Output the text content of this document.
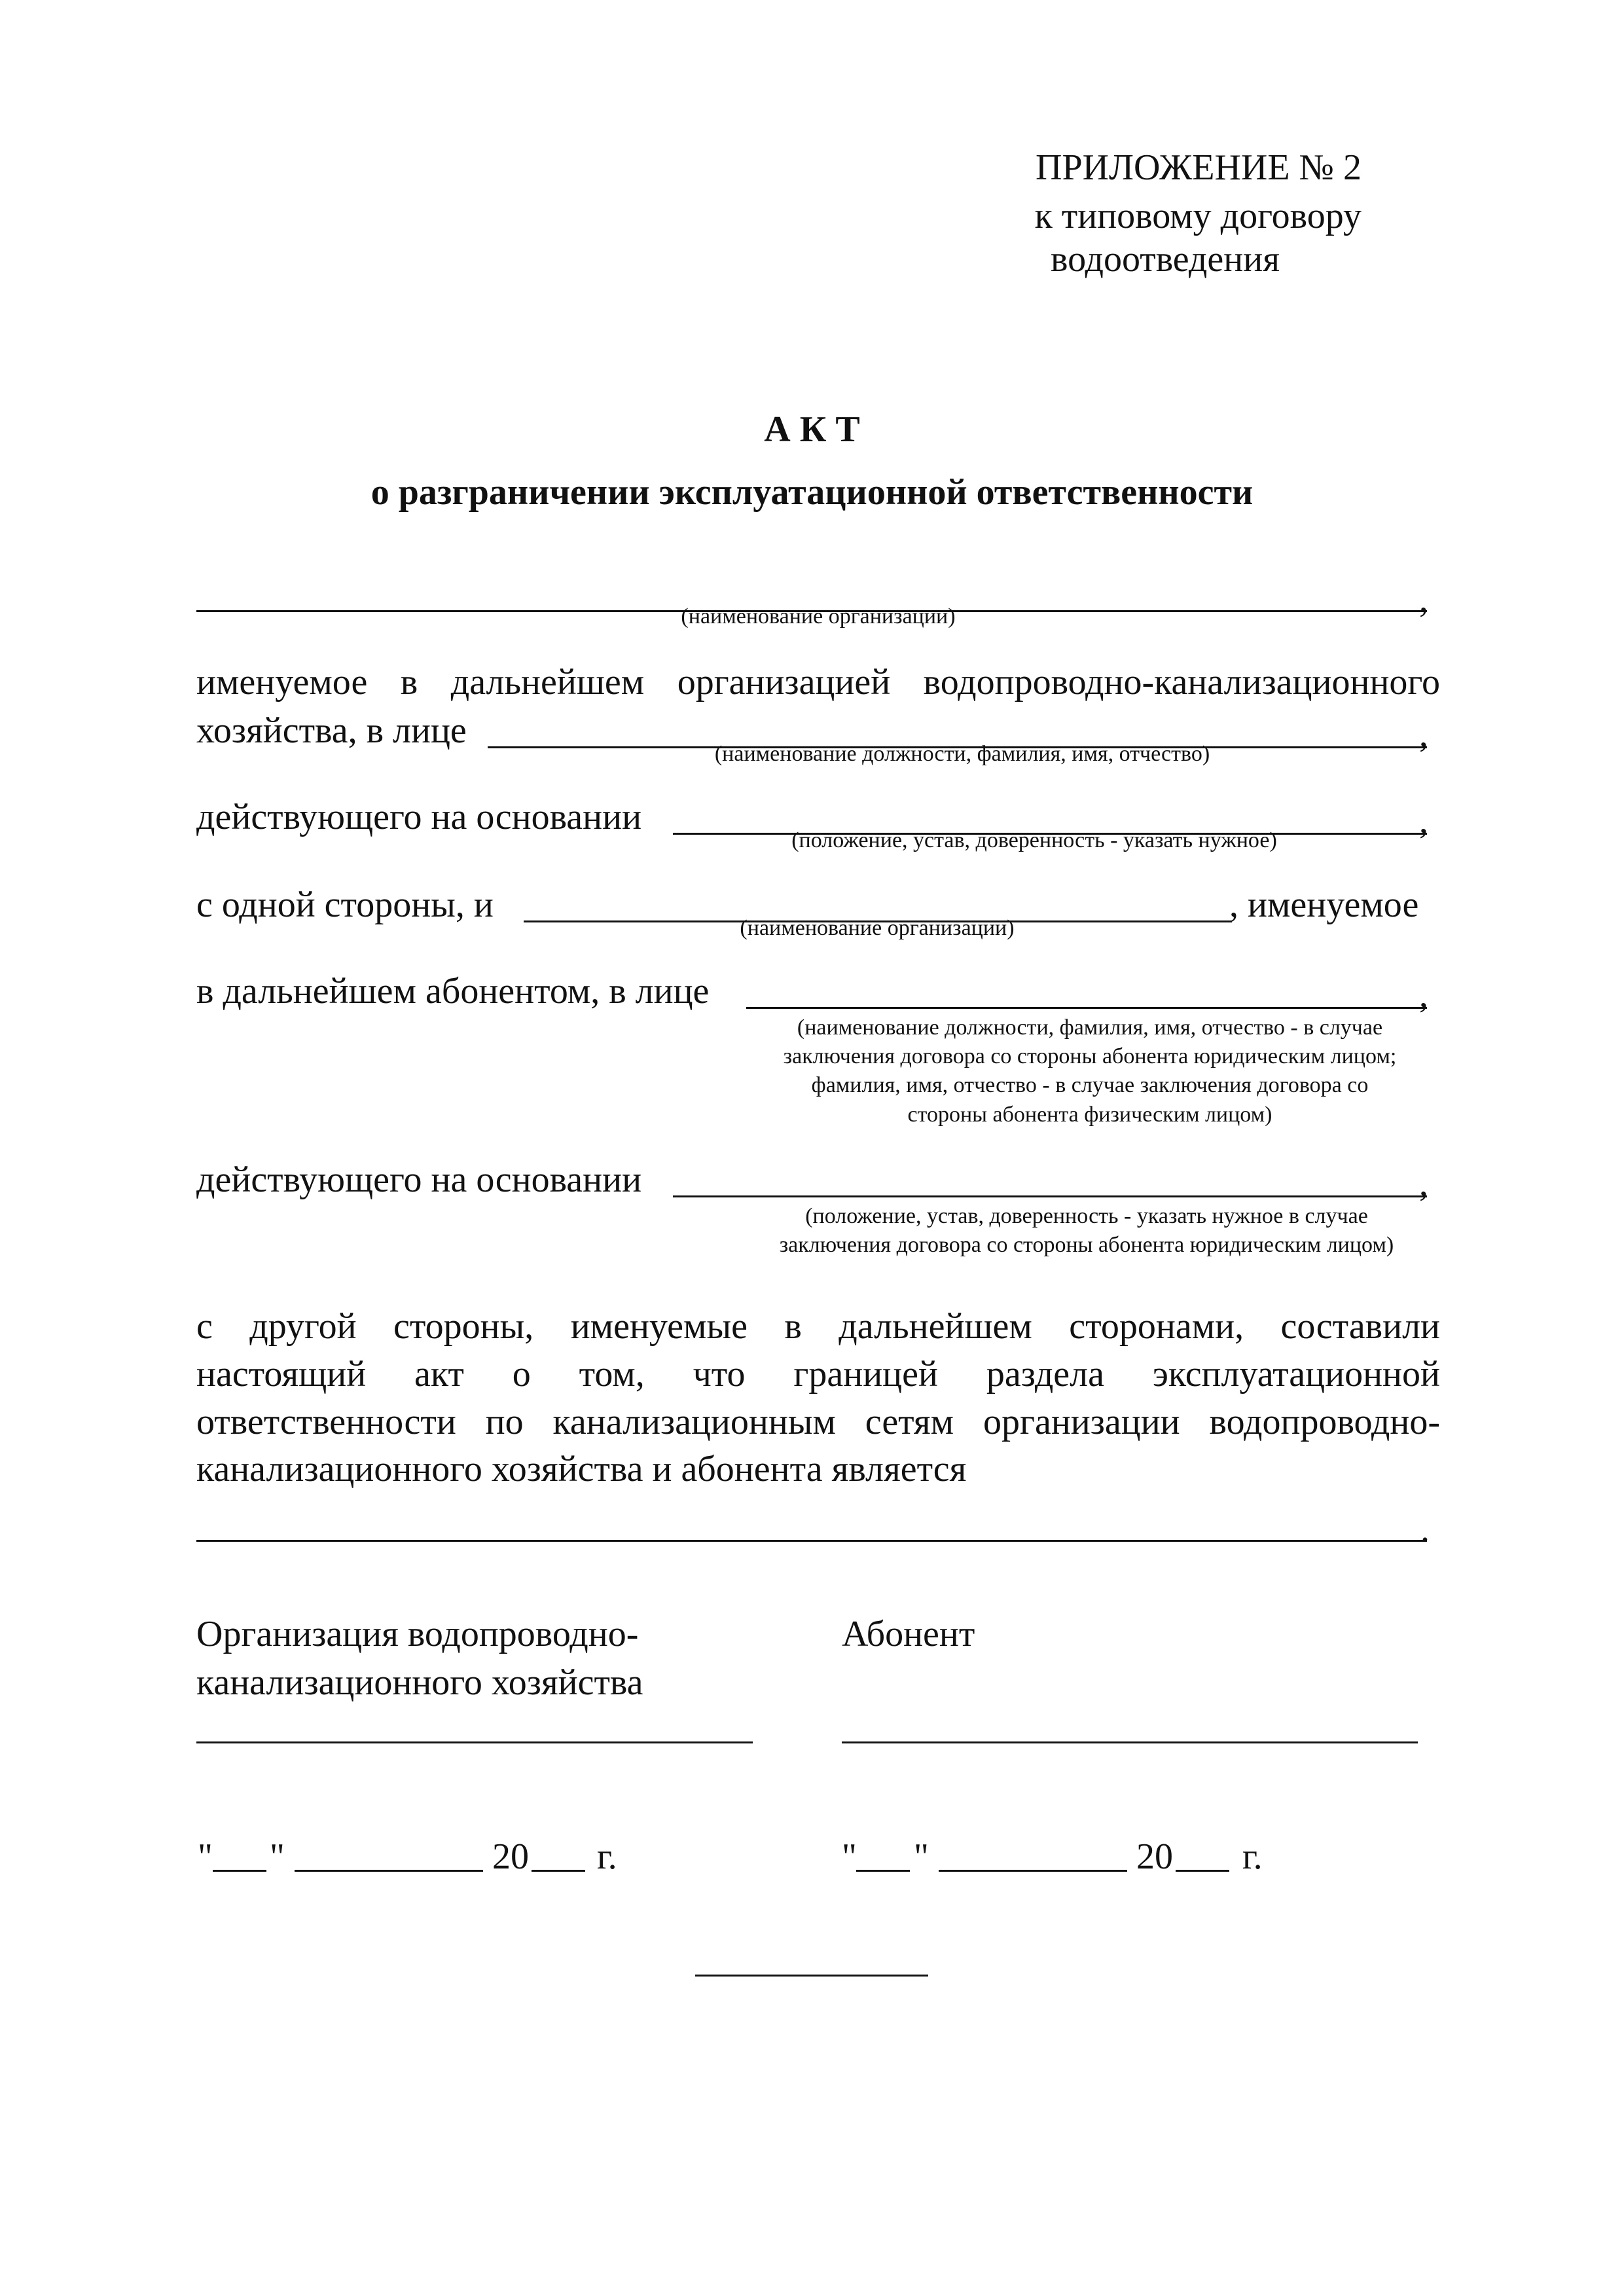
ПРИЛОЖЕНИЕ № 2
к типовому договору
водоотведения
А К Т
о разграничении эксплуатационной ответственности
,
(наименование организации)
именуемое в дальнейшем организацией водопроводно-канализационного
хозяйства, в лице	,
(наименование должности, фамилия, имя, отчество)
действующего на основании	,
(положение, устав, доверенность - указать нужное)
с одной стороны, и	, именуемое
(наименование организации)
в дальнейшем абонентом, в лице	,
(наименование должности, фамилия, имя, отчество - в случае
заключения договора со стороны абонента юридическим лицом;
фамилия, имя, отчество - в случае заключения договора со
стороны абонента физическим лицом)
действующего на основании	,
(положение, устав, доверенность - указать нужное в случае
заключения договора со стороны абонента юридическим лицом)
с другой стороны, именуемые в дальнейшем сторонами, составили
настоящий акт о том, что границей раздела эксплуатационной
ответственности по канализационным сетям организации водопроводно-
канализационного хозяйства и абонента является
.
Организация водопроводно-
канализационного хозяйства
Абонент
" "	20 г.	" "	20 г.
